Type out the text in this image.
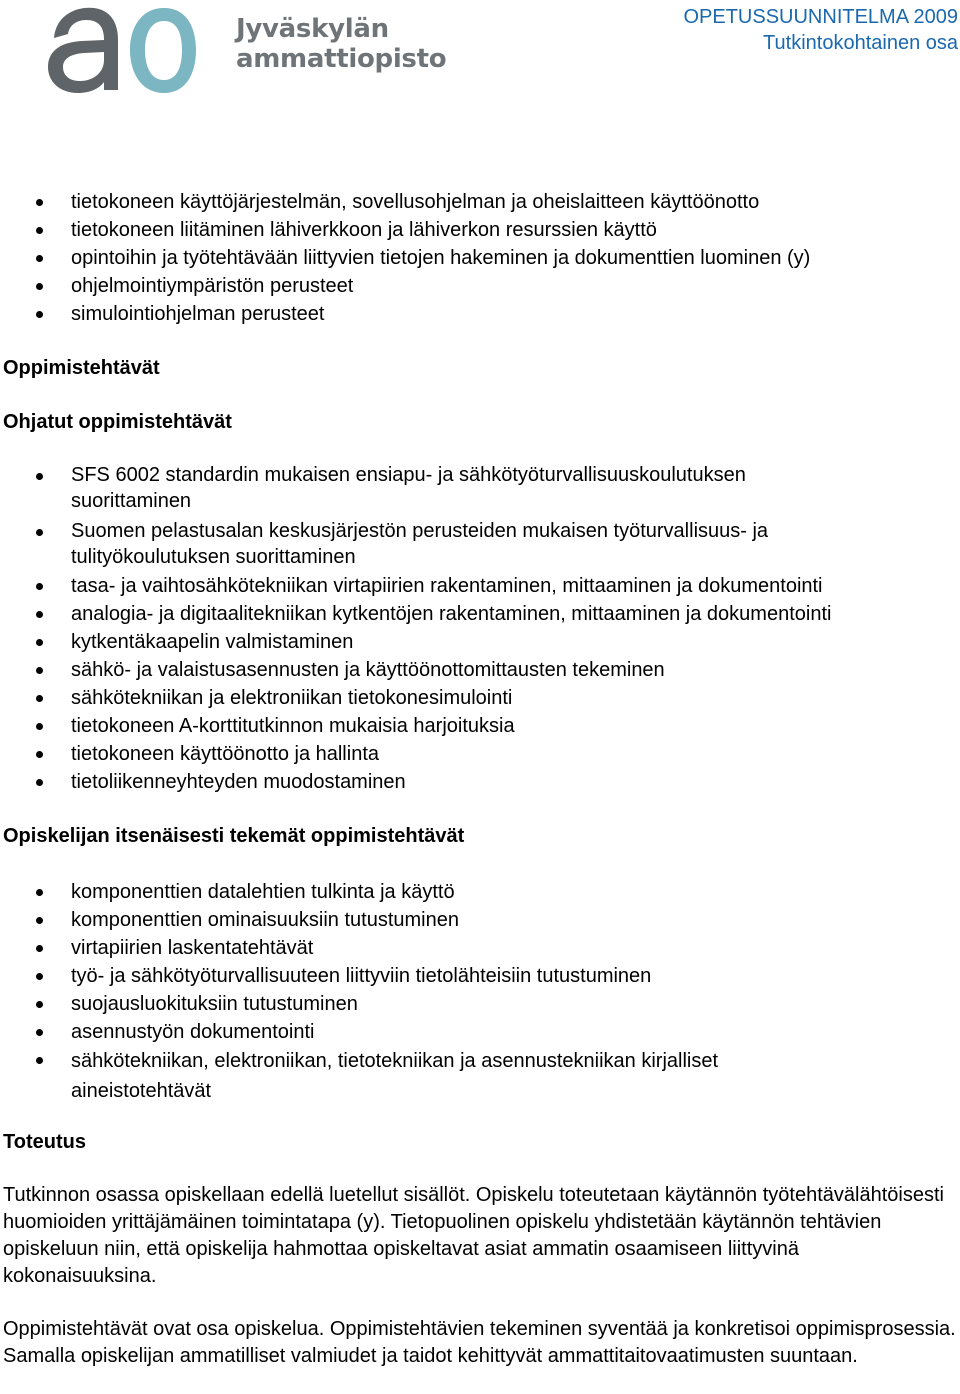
Jyväskylän
ammattiopisto
OPETUSSUUNNITELMA 2009
Tutkintokohtainen osa
tietokoneen käyttöjärjestelmän, sovellusohjelman ja oheislaitteen käyttöönotto
tietokoneen liitäminen lähiverkkoon ja lähiverkon resurssien käyttö
opintoihin ja työtehtävään liittyvien tietojen hakeminen ja dokumenttien luominen (y)
ohjelmointiympäristön perusteet
simulointiohjelman perusteet
Oppimistehtävät
Ohjatut oppimistehtävät
SFS 6002 standardin mukaisen ensiapu- ja sähkötyöturvallisuuskoulutuksen suorittaminen
Suomen pelastusalan keskusjärjestön perusteiden mukaisen työturvallisuus- ja tulityökoulutuksen suorittaminen
tasa- ja vaihtosähkötekniikan virtapiirien rakentaminen, mittaaminen ja dokumentointi
analogia- ja digitaalitekniikan kytkentöjen rakentaminen, mittaaminen ja dokumentointi
kytkentäkaapelin valmistaminen
sähkö- ja valaistusasennusten ja käyttöönottomittausten tekeminen
sähkötekniikan ja elektroniikan tietokonesimulointi
tietokoneen A-korttitutkinnon mukaisia harjoituksia
tietokoneen käyttöönotto ja hallinta
tietoliikenneyhteyden muodostaminen
Opiskelijan itsenäisesti tekemät oppimistehtävät
komponenttien datalehtien tulkinta ja käyttö
komponenttien ominaisuuksiin tutustuminen
virtapiirien laskentatehtävät
työ- ja sähkötyöturvallisuuteen liittyviin tietolähteisiin tutustuminen
suojausluokituksiin tutustuminen
asennustyön dokumentointi
sähkötekniikan, elektroniikan, tietotekniikan ja asennustekniikan kirjalliset aineistotehtävät
Toteutus

Tutkinnon osassa opiskellaan edellä luetellut sisällöt. Opiskelu toteutetaan käytännön työtehtävälähtöisesti huomioiden yrittäjämäinen toimintatapa (y). Tietopuolinen opiskelu yhdistetään käytännön tehtävien opiskeluun niin, että opiskelija hahmottaa opiskeltavat asiat ammatin osaamiseen liittyvinä kokonaisuuksina.

Oppimistehtävät ovat osa opiskelua. Oppimistehtävien tekeminen syventää ja konkretisoi oppimisprosessia. Samalla opiskelijan ammatilliset valmiudet ja taidot kehittyvät ammattitaitovaatimusten suuntaan.
